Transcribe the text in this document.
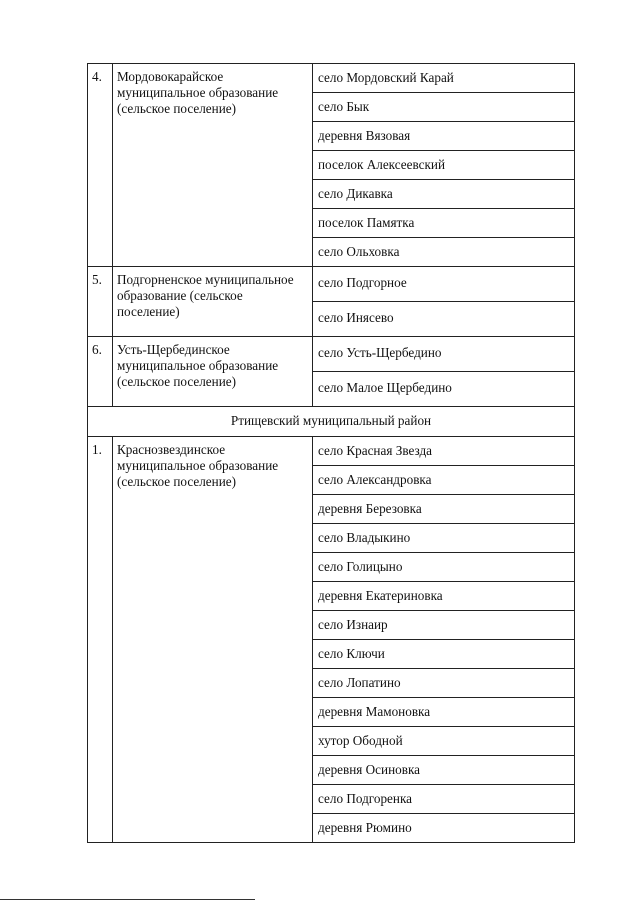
4.	Мордовокарайское муниципальное образование (сельское поселение)	село Мордовский Карай
		село Бык
		деревня Вязовая
		поселок Алексеевский
		село Дикавка
		поселок Памятка
		село Ольховка
5.	Подгорненское муниципальное образование (сельское поселение)	село Подгорное
		село Инясево
6.	Усть-Щербединское муниципальное образование (сельское поселение)	село Усть-Щербедино
		село Малое Щербедино
Ртищевский муниципальный район		
1.	Краснозвездинское муниципальное образование (сельское поселение)	село Красная Звезда
		село Александровка
		деревня Березовка
		село Владыкино
		село Голицыно
		деревня Екатериновка
		село Изнаир
		село Ключи
		село Лопатино
		деревня Мамоновка
		хутор Ободной
		деревня Осиновка
		село Подгоренка
		деревня Рюмино
